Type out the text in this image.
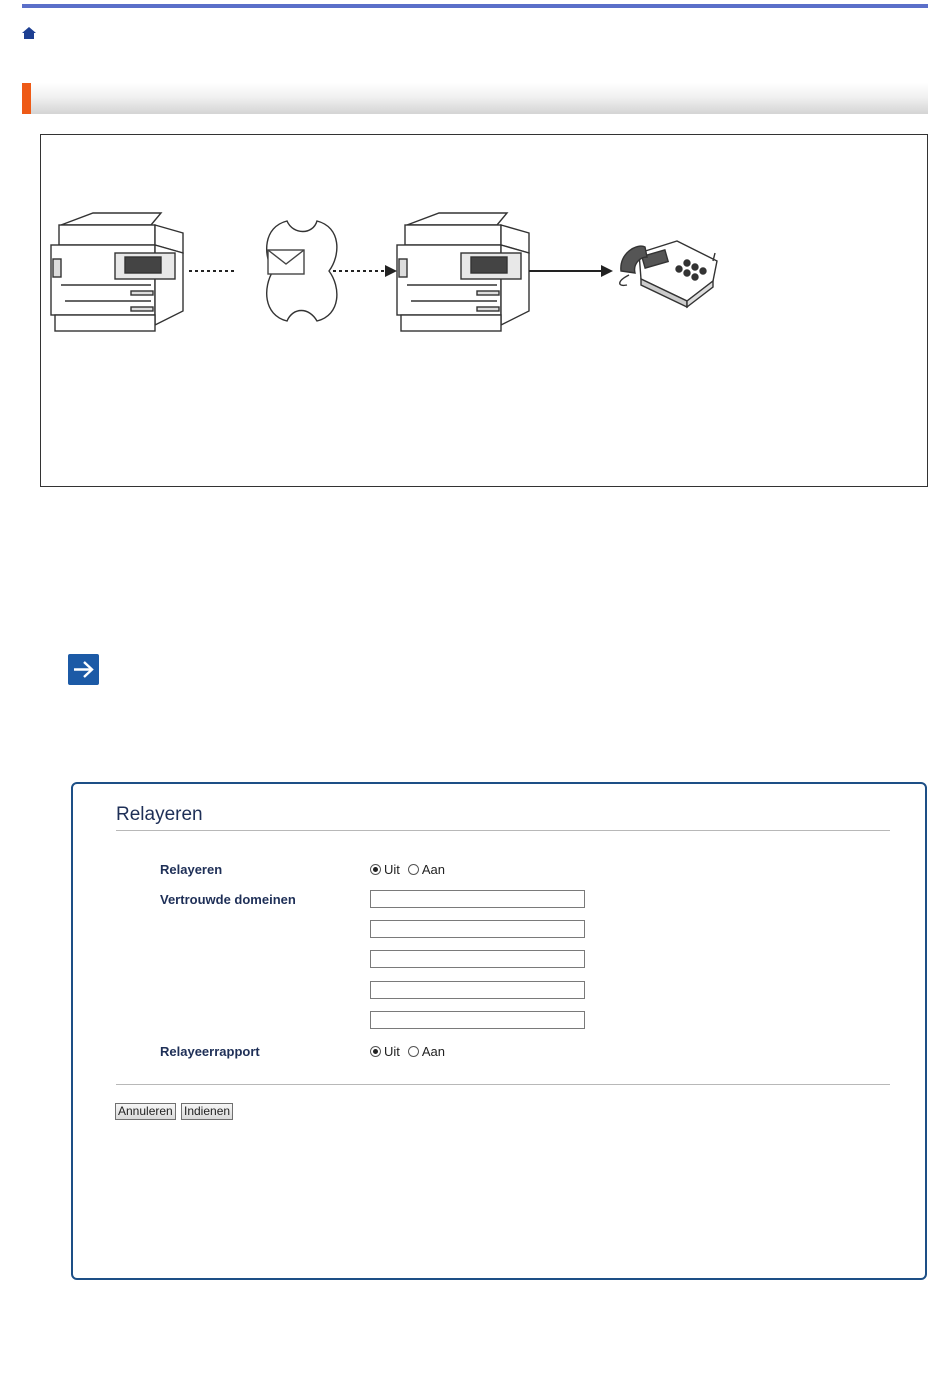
Relayeren
Relayeren	Uit Aan
Vertrouwde domeinen
Relayeerrapport	Uit Aan
Annuleren Indienen
